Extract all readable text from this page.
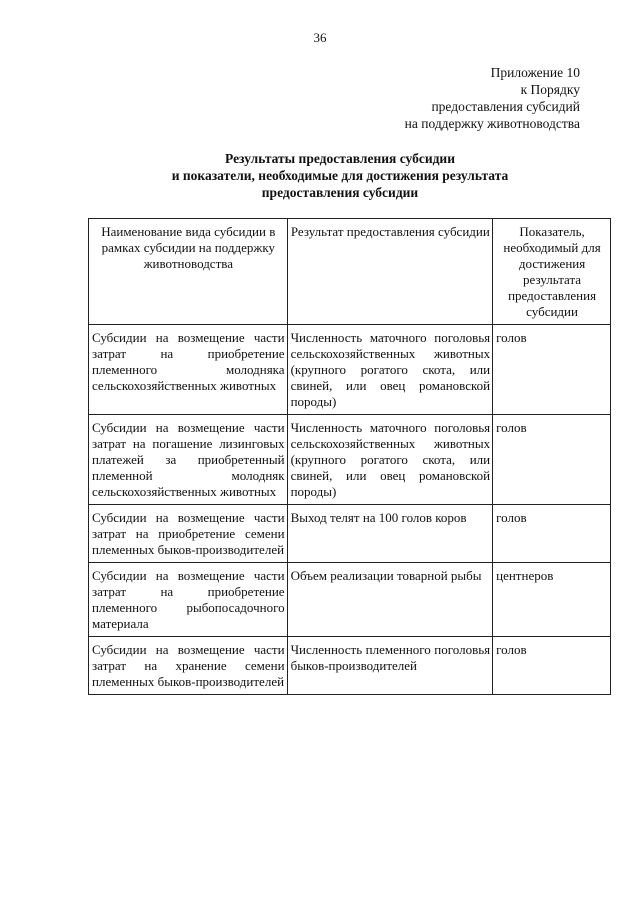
36
Приложение 10
к Порядку
предоставления субсидий
на поддержку животноводства
Результаты предоставления субсидии
и показатели, необходимые для достижения результата
предоставления субсидии
Наименование вида субсидии в рамках субсидии на поддержку животноводства	Результат предоставления субсидии	Показатель, необходимый для достижения результата предоставления субсидии
Субсидии на возмещение части затрат на приобретение племенного молодняка сельскохозяйственных животных	Численность маточного поголовья сельскохозяйственных животных (крупного рогатого скота, или свиней, или овец романовской породы)	голов
Субсидии на возмещение части затрат на погашение лизинговых платежей за приобретенный племенной молодняк сельскохозяйственных животных	Численность маточного поголовья сельскохозяйственных животных (крупного рогатого скота, или свиней, или овец романовской породы)	голов
Субсидии на возмещение части затрат на приобретение семени племенных быков-производителей	Выход телят на 100 голов коров	голов
Субсидии на возмещение части затрат на приобретение племенного рыбопосадочного материала	Объем реализации товарной рыбы	центнеров
Субсидии на возмещение части затрат на хранение семени племенных быков-производителей	Численность племенного поголовья быков-производителей	голов
